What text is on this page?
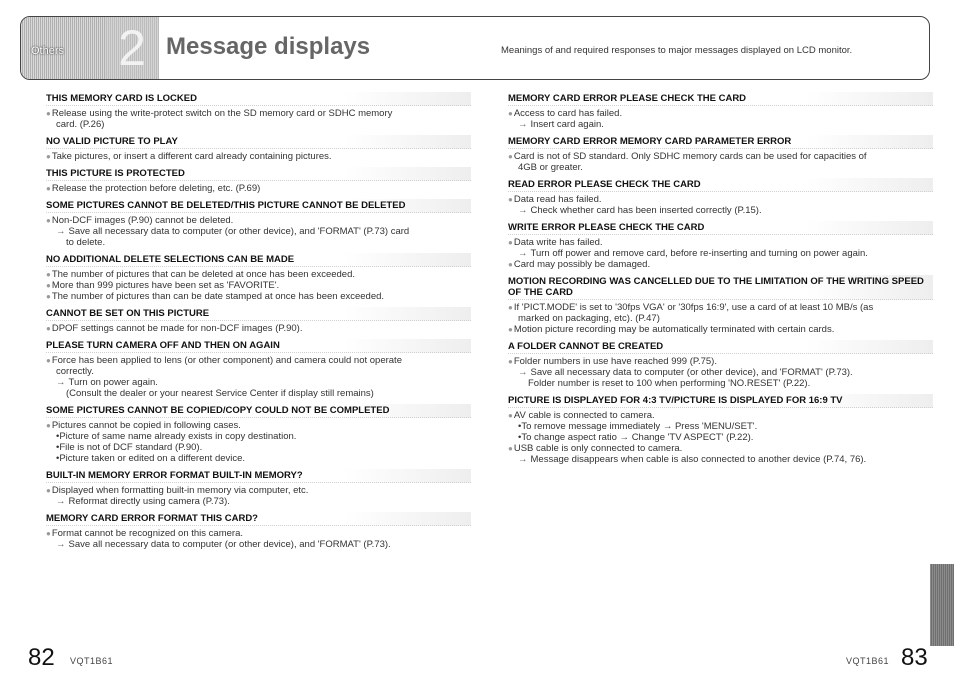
Others 2 Message displays	Meanings of and required responses to major messages displayed on LCD monitor.
THIS MEMORY CARD IS LOCKED
●Release using the write-protect switch on the SD memory card or SDHC memory
card. (P.26)
NO VALID PICTURE TO PLAY
●Take pictures, or insert a different card already containing pictures.
THIS PICTURE IS PROTECTED
●Release the protection before deleting, etc. (P.69)
SOME PICTURES CANNOT BE DELETED/THIS PICTURE CANNOT BE DELETED
●Non-DCF images (P.90) cannot be deleted.
→ Save all necessary data to computer (or other device), and 'FORMAT' (P.73) card
to delete.
NO ADDITIONAL DELETE SELECTIONS CAN BE MADE
●The number of pictures that can be deleted at once has been exceeded.
●More than 999 pictures have been set as 'FAVORITE'.
●The number of pictures than can be date stamped at once has been exceeded.
CANNOT BE SET ON THIS PICTURE
●DPOF settings cannot be made for non-DCF images (P.90).
PLEASE TURN CAMERA OFF AND THEN ON AGAIN
●Force has been applied to lens (or other component) and camera could not operate
correctly.
→ Turn on power again.
(Consult the dealer or your nearest Service Center if display still remains)
SOME PICTURES CANNOT BE COPIED/COPY COULD NOT BE COMPLETED
●Pictures cannot be copied in following cases.
•Picture of same name already exists in copy destination.
•File is not of DCF standard (P.90).
•Picture taken or edited on a different device.
BUILT-IN MEMORY ERROR FORMAT BUILT-IN MEMORY?
●Displayed when formatting built-in memory via computer, etc.
→ Reformat directly using camera (P.73).
MEMORY CARD ERROR FORMAT THIS CARD?
●Format cannot be recognized on this camera.
→ Save all necessary data to computer (or other device), and 'FORMAT' (P.73).
MEMORY CARD ERROR PLEASE CHECK THE CARD
●Access to card has failed.
→ Insert card again.
MEMORY CARD ERROR MEMORY CARD PARAMETER ERROR
●Card is not of SD standard. Only SDHC memory cards can be used for capacities of
4GB or greater.
READ ERROR PLEASE CHECK THE CARD
●Data read has failed.
→ Check whether card has been inserted correctly (P.15).
WRITE ERROR PLEASE CHECK THE CARD
●Data write has failed.
→ Turn off power and remove card, before re-inserting and turning on power again.
●Card may possibly be damaged.
MOTION RECORDING WAS CANCELLED DUE TO THE LIMITATION OF THE WRITING SPEED OF THE CARD
●If 'PICT.MODE' is set to '30fps VGA' or '30fps 16:9', use a card of at least 10 MB/s (as
marked on packaging, etc). (P.47)
●Motion picture recording may be automatically terminated with certain cards.
A FOLDER CANNOT BE CREATED
●Folder numbers in use have reached 999 (P.75).
→ Save all necessary data to computer (or other device), and 'FORMAT' (P.73).
Folder number is reset to 100 when performing 'NO.RESET' (P.22).
PICTURE IS DISPLAYED FOR 4:3 TV/PICTURE IS DISPLAYED FOR 16:9 TV
●AV cable is connected to camera.
•To remove message immediately → Press 'MENU/SET'.
•To change aspect ratio → Change 'TV ASPECT' (P.22).
●USB cable is only connected to camera.
→ Message disappears when cable is also connected to another device (P.74, 76).
82 VQT1B61	VQT1B61 83
